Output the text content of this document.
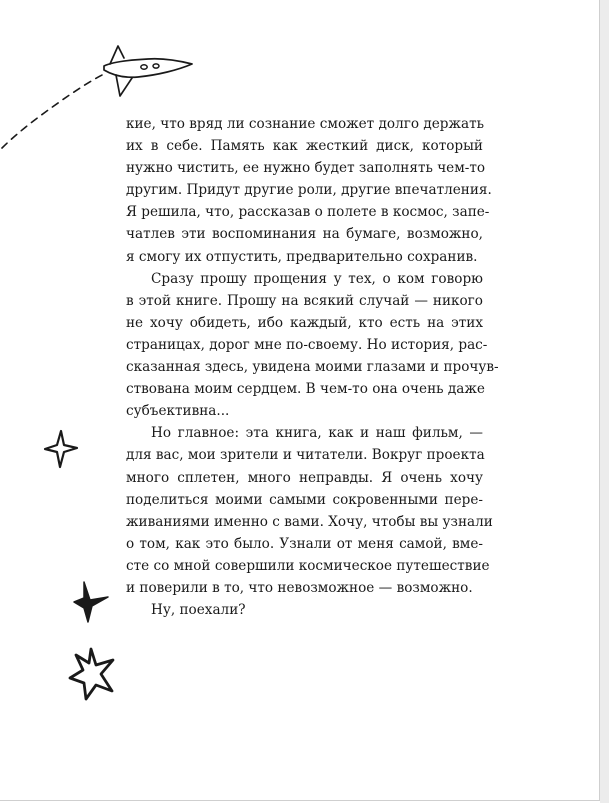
кие, что вряд ли сознание сможет долго держать
их в себе. Память как жесткий диск, который
нужно чистить, ее нужно будет заполнять чем-то
другим. Придут другие роли, другие впечатления.
Я решила, что, рассказав о полете в космос, запе-
чатлев эти воспоминания на бумаге, возможно,
я смогу их отпустить, предварительно сохранив.

Сразу прошу прощения у тех, о ком говорю
в этой книге. Прошу на всякий случай — никого
не хочу обидеть, ибо каждый, кто есть на этих
страницах, дорог мне по-своему. Но история, рас-
сказанная здесь, увидена моими глазами и прочув-
ствована моим сердцем. В чем-то она очень даже
субъективна...

Но главное: эта книга, как и наш фильм, —
для вас, мои зрители и читатели. Вокруг проекта
много сплетен, много неправды. Я очень хочу
поделиться моими самыми сокровенными пере-
живаниями именно с вами. Хочу, чтобы вы узнали
о том, как это было. Узнали от меня самой, вме-
сте со мной совершили космическое путешествие
и поверили в то, что невозможное — возможно.

Ну, поехали?
